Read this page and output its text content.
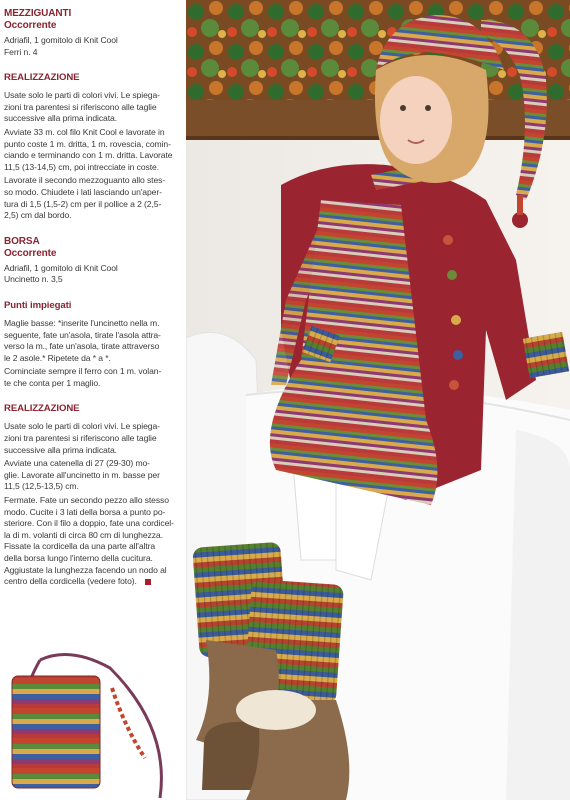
MEZZIGUANTI
Occorrente
Adriafil, 1 gomitolo di Knit Cool
Ferri n. 4
REALIZZAZIONE
Usate solo le parti di colori vivi. Le spiega-
zioni tra parentesi si riferiscono alle taglie
successive alla prima indicata.
Avviate 33 m. col filo Knit Cool e lavorate in
punto coste 1 m. dritta, 1 m. rovescia, comin-
ciando e terminando con 1 m. dritta. Lavorate
11,5 (13-14,5) cm, poi intrecciate in coste.
Lavorate il secondo mezzoguanto allo stes-
so modo. Chiudete i lati lasciando un'aper-
tura di 1,5 (1,5-2) cm per il pollice a 2 (2,5-
2,5) cm dal bordo.
BORSA
Occorrente
Adriafil, 1 gomitolo di Knit Cool
Uncinetto n. 3,5
Punti impiegati
Maglie basse: *inserite l'uncinetto nella m.
seguente, fate un'asola, tirate l'asola attra-
verso la m., fate un'asola, tirate attraverso
le 2 asole.* Ripetete da * a *.
Cominciate sempre il ferro con 1 m. volan-
te che conta per 1 maglio.
REALIZZAZIONE
Usate solo le parti di colori vivi. Le spiega-
zioni tra parentesi si riferiscono alle taglie
successive alla prima indicata.
Avviate una catenella di 27 (29-30) mo-
glie. Lavorate all'uncinetto in m. basse per
11,5 (12,5-13,5) cm.
Fermate. Fate un secondo pezzo allo stesso
modo. Cucite i 3 lati della borsa a punto po-
steriore. Con il filo a doppio, fate una cordicel-
la di m. volanti di circa 80 cm di lunghezza.
Fissate la cordicella da una parte all'altra
della borsa lungo l'interno della cucitura.
Aggiustate la lunghezza facendo un nodo al
centro della cordicella (vedere foto).
